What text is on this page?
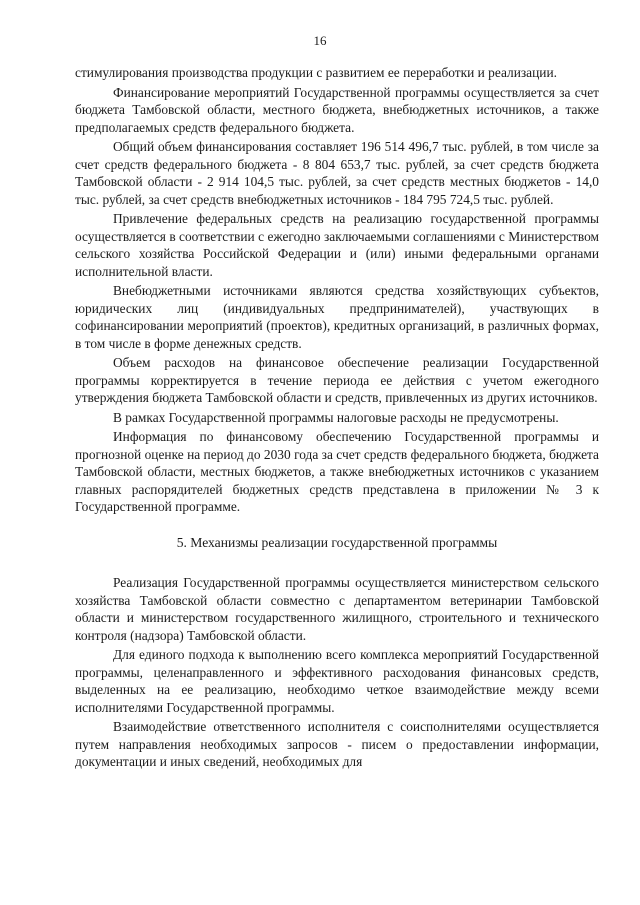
16

стимулирования производства продукции с развитием ее переработки и реализации.

Финансирование мероприятий Государственной программы осуществляется за счет бюджета Тамбовской области, местного бюджета, внебюджетных источников, а также предполагаемых средств федерального бюджета.

Общий объем финансирования составляет 196 514 496,7 тыс. рублей, в том числе за счет средств федерального бюджета - 8 804 653,7 тыс. рублей, за счет средств бюджета Тамбовской области - 2 914 104,5 тыс. рублей, за счет средств местных бюджетов - 14,0 тыс. рублей, за счет средств внебюджетных источников - 184 795 724,5 тыс. рублей.

Привлечение федеральных средств на реализацию государственной программы осуществляется в соответствии с ежегодно заключаемыми соглашениями с Министерством сельского хозяйства Российской Федерации и (или) иными федеральными органами исполнительной власти.

Внебюджетными источниками являются средства хозяйствующих субъектов, юридических лиц (индивидуальных предпринимателей), участвующих в софинансировании мероприятий (проектов), кредитных организаций, в различных формах, в том числе в форме денежных средств.

Объем расходов на финансовое обеспечение реализации Государственной программы корректируется в течение периода ее действия с учетом ежегодного утверждения бюджета Тамбовской области и средств, привлеченных из других источников.

В рамках Государственной программы налоговые расходы не предусмотрены.

Информация по финансовому обеспечению Государственной программы и прогнозной оценке на период до 2030 года за счет средств федерального бюджета, бюджета Тамбовской области, местных бюджетов, а также внебюджетных источников с указанием главных распорядителей бюджетных средств представлена в приложении № 3 к Государственной программе.

5. Механизмы реализации государственной программы

Реализация Государственной программы осуществляется министерством сельского хозяйства Тамбовской области совместно с департаментом ветеринарии Тамбовской области и министерством государственного жилищного, строительного и технического контроля (надзора) Тамбовской области.

Для единого подхода к выполнению всего комплекса мероприятий Государственной программы, целенаправленного и эффективного расходования финансовых средств, выделенных на ее реализацию, необходимо четкое взаимодействие между всеми исполнителями Государственной программы.

Взаимодействие ответственного исполнителя с соисполнителями осуществляется путем направления необходимых запросов - писем о предоставлении информации, документации и иных сведений, необходимых для
